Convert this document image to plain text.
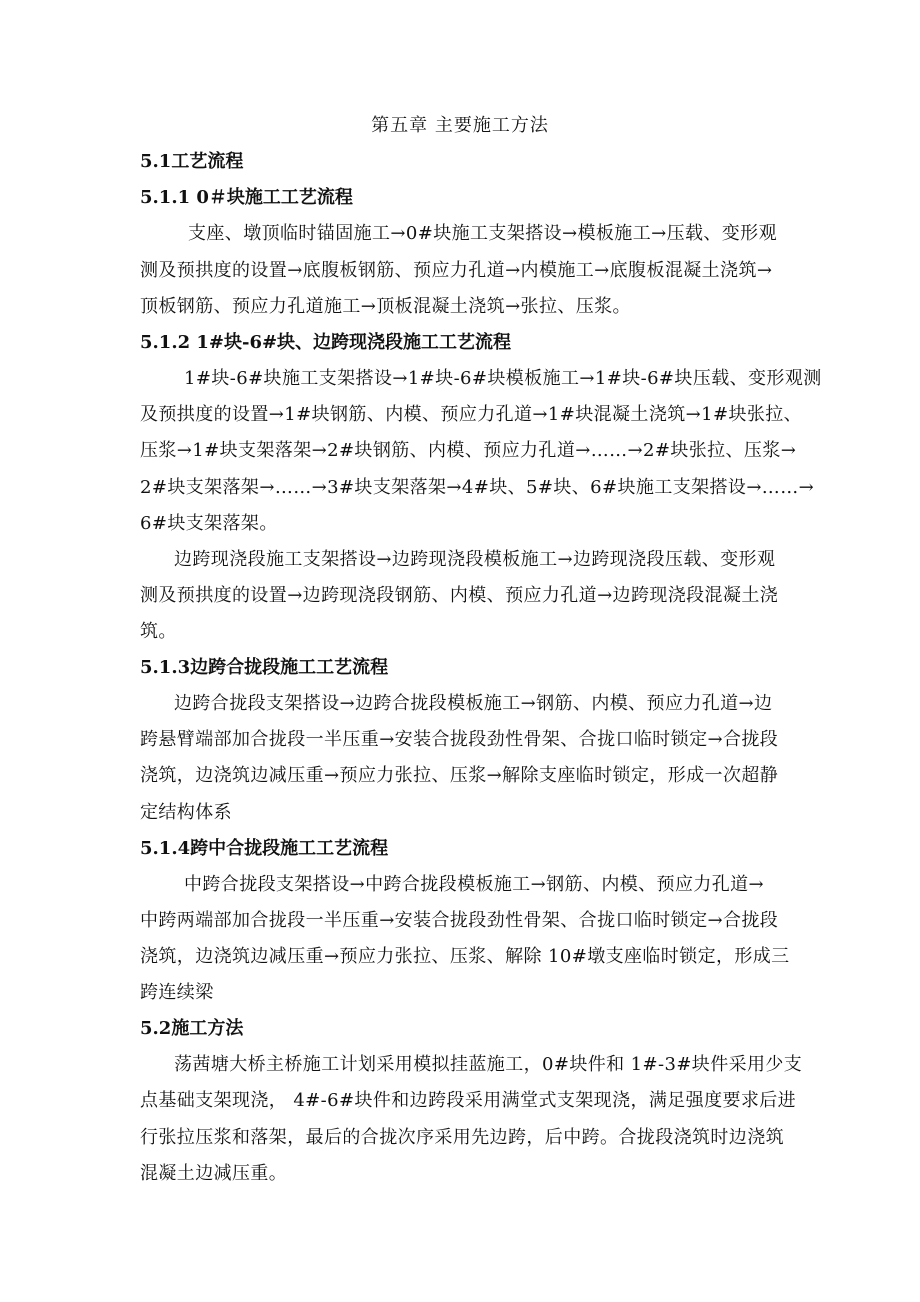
第五章 主要施工方法
5.1工艺流程
5.1.1 0＃块施工工艺流程
支座、墩顶临时锚固施工→0#块施工支架搭设→模板施工→压载、变形观
测及预拱度的设置→底腹板钢筋、预应力孔道→内模施工→底腹板混凝土浇筑→
顶板钢筋、预应力孔道施工→顶板混凝土浇筑→张拉、压浆。
5.1.2 1#块-6#块、边跨现浇段施工工艺流程
1#块-6#块施工支架搭设→1#块-6#块模板施工→1#块-6#块压载、变形观测
及预拱度的设置→1#块钢筋、内模、预应力孔道→1#块混凝土浇筑→1#块张拉、
压浆→1#块支架落架→2#块钢筋、内模、预应力孔道→……→2#块张拉、压浆→
2#块支架落架→……→3#块支架落架→4#块、5#块、6#块施工支架搭设→……→
6#块支架落架。
边跨现浇段施工支架搭设→边跨现浇段模板施工→边跨现浇段压载、变形观
测及预拱度的设置→边跨现浇段钢筋、内模、预应力孔道→边跨现浇段混凝土浇
筑。
5.1.3边跨合拢段施工工艺流程
边跨合拢段支架搭设→边跨合拢段模板施工→钢筋、内模、预应力孔道→边
跨悬臂端部加合拢段一半压重→安装合拢段劲性骨架、合拢口临时锁定→合拢段
浇筑，边浇筑边减压重→预应力张拉、压浆→解除支座临时锁定，形成一次超静
定结构体系
5.1.4跨中合拢段施工工艺流程
中跨合拢段支架搭设→中跨合拢段模板施工→钢筋、内模、预应力孔道→
中跨两端部加合拢段一半压重→安装合拢段劲性骨架、合拢口临时锁定→合拢段
浇筑，边浇筑边减压重→预应力张拉、压浆、解除 10#墩支座临时锁定，形成三
跨连续梁
5.2施工方法
荡茜塘大桥主桥施工计划采用模拟挂蓝施工，0#块件和 1#-3#块件采用少支
点基础支架现浇， 4#-6#块件和边跨段采用满堂式支架现浇，满足强度要求后进
行张拉压浆和落架，最后的合拢次序采用先边跨，后中跨。合拢段浇筑时边浇筑
混凝土边减压重。
